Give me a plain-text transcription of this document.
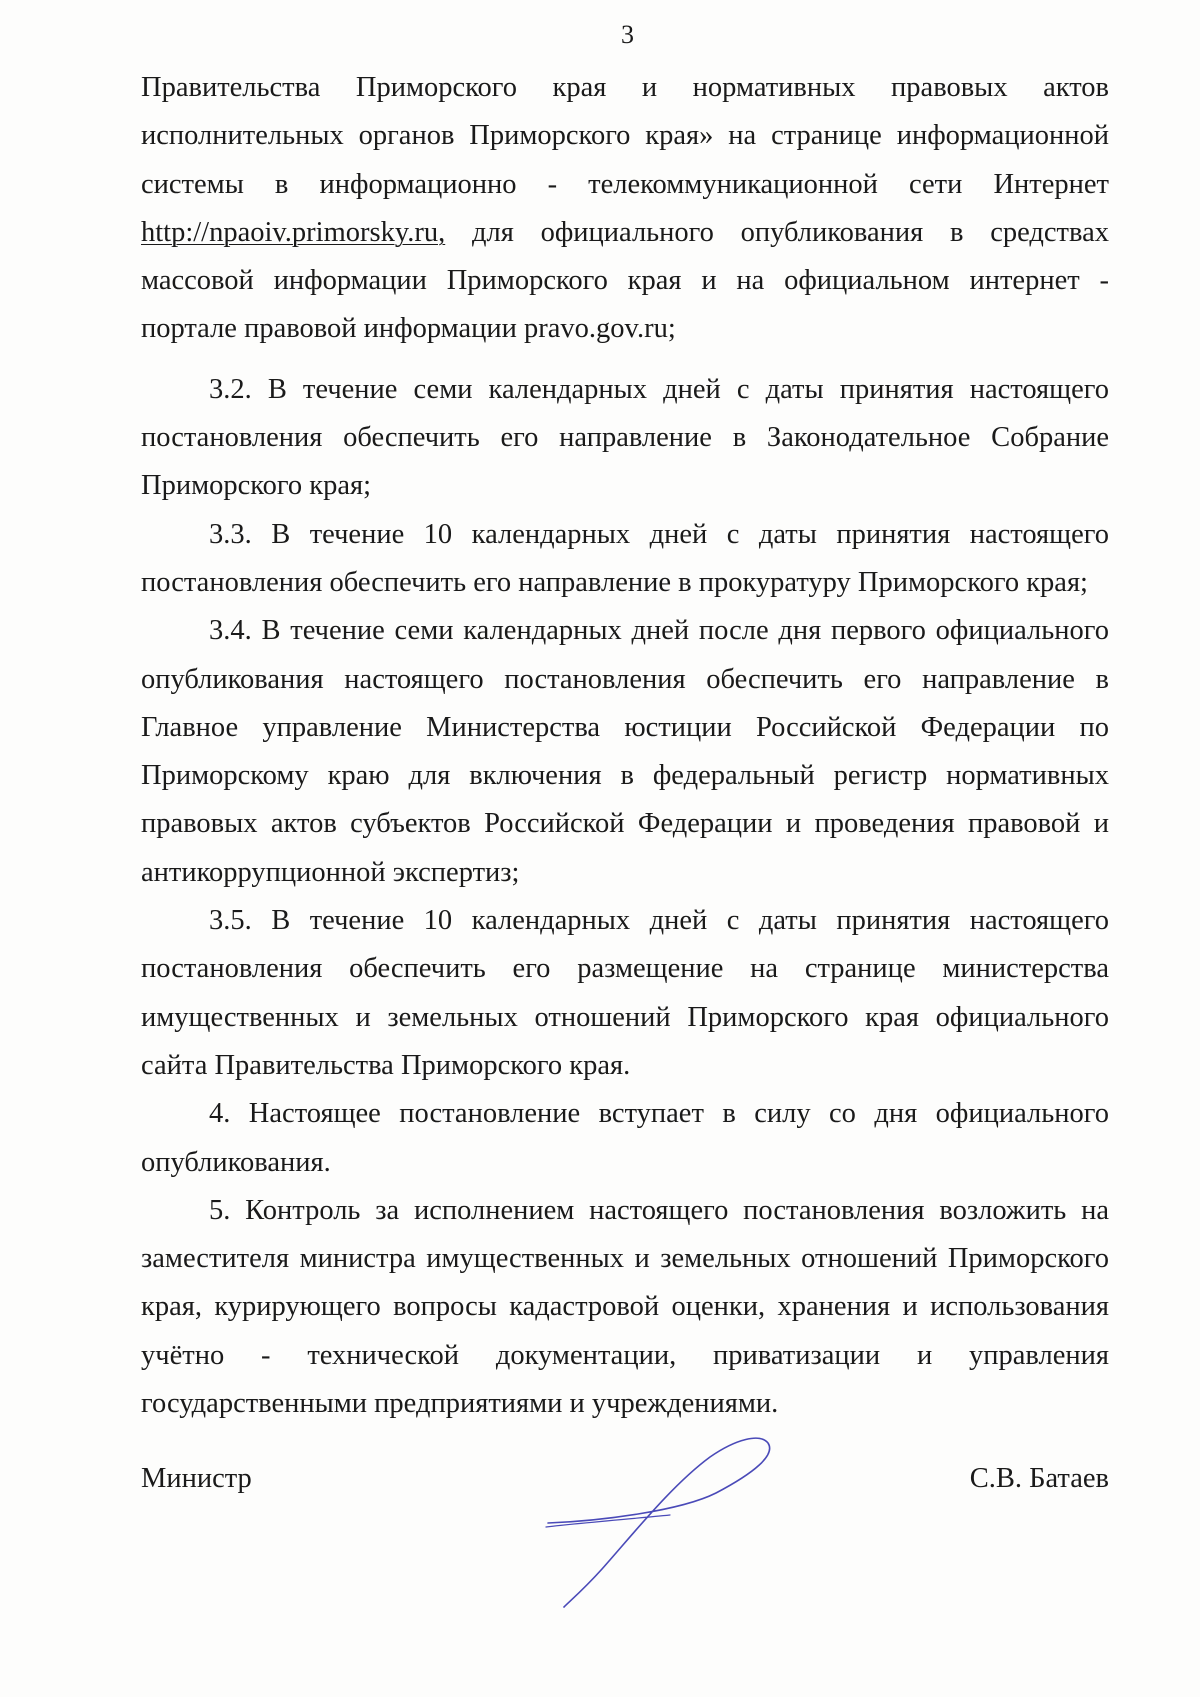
3

Правительства Приморского края и нормативных правовых актов исполнительных органов Приморского края» на странице информационной системы в информационно - телекоммуникационной сети Интернет http://npaoiv.primorsky.ru, для официального опубликования в средствах массовой информации Приморского края и на официальном интернет - портале правовой информации pravo.gov.ru;

3.2. В течение семи календарных дней с даты принятия настоящего постановления обеспечить его направление в Законодательное Собрание Приморского края;

3.3. В течение 10 календарных дней с даты принятия настоящего постановления обеспечить его направление в прокуратуру Приморского края;

3.4. В течение семи календарных дней после дня первого официального опубликования настоящего постановления обеспечить его направление в Главное управление Министерства юстиции Российской Федерации по Приморскому краю для включения в федеральный регистр нормативных правовых актов субъектов Российской Федерации и проведения правовой и антикоррупционной экспертиз;

3.5. В течение 10 календарных дней с даты принятия настоящего постановления обеспечить его размещение на странице министерства имущественных и земельных отношений Приморского края официального сайта Правительства Приморского края.

4. Настоящее постановление вступает в силу со дня официального опубликования.

5. Контроль за исполнением настоящего постановления возложить на заместителя министра имущественных и земельных отношений Приморского края, курирующего вопросы кадастровой оценки, хранения и использования учётно - технической документации, приватизации и управления государственными предприятиями и учреждениями.

Министр	С.В. Батаев
